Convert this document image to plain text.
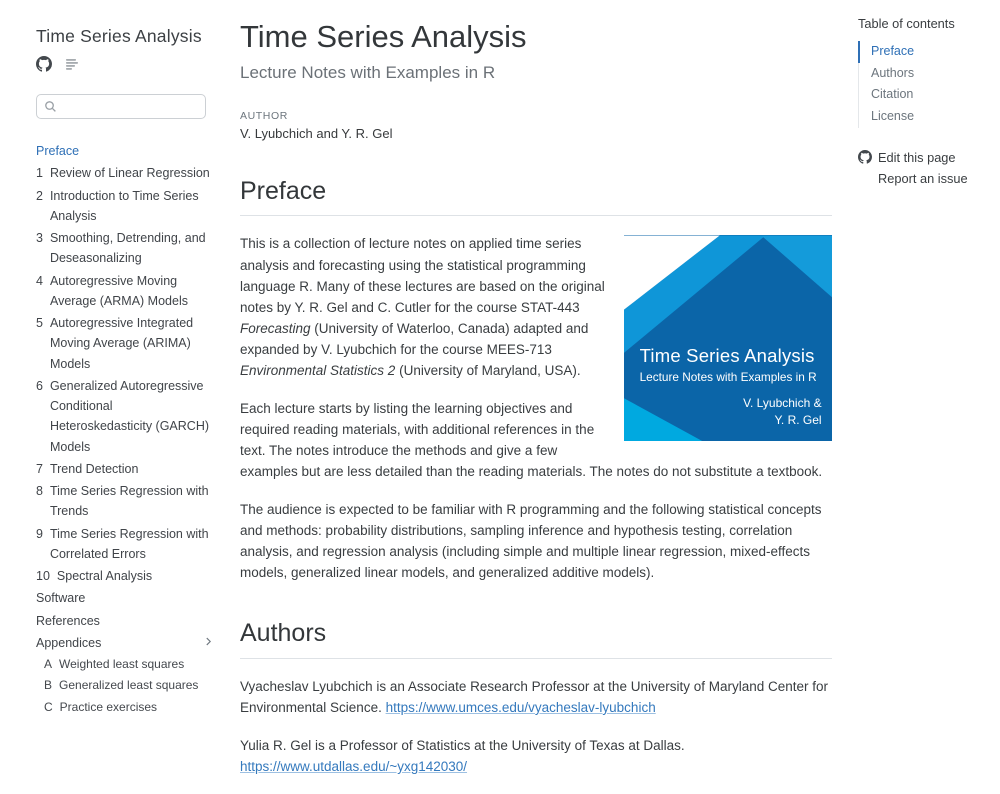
Time Series Analysis
Preface
1 Review of Linear Regression
2 Introduction to Time Series Analysis
3 Smoothing, Detrending, and Deseasonalizing
4 Autoregressive Moving Average (ARMA) Models
5 Autoregressive Integrated Moving Average (ARIMA) Models
6 Generalized Autoregressive Conditional Heteroskedasticity (GARCH) Models
7 Trend Detection
8 Time Series Regression with Trends
9 Time Series Regression with Correlated Errors
10 Spectral Analysis
Software
References
Appendices
A Weighted least squares
B Generalized least squares
C Practice exercises
Time Series Analysis
Lecture Notes with Examples in R
AUTHOR
V. Lyubchich and Y. R. Gel
Preface
Time Series Analysis
Lecture Notes with Examples in R
V. Lyubchich &
Y. R. Gel

This is a collection of lecture notes on applied time series analysis and forecasting using the statistical programming language R. Many of these lectures are based on the original notes by Y. R. Gel and C. Cutler for the course STAT-443 Forecasting (University of Waterloo, Canada) adapted and expanded by V. Lyubchich for the course MEES-713 Environmental Statistics 2 (University of Maryland, USA).

Each lecture starts by listing the learning objectives and required reading materials, with additional references in the text. The notes introduce the methods and give a few examples but are less detailed than the reading materials. The notes do not substitute a textbook.

The audience is expected to be familiar with R programming and the following statistical concepts and methods: probability distributions, sampling inference and hypothesis testing, correlation analysis, and regression analysis (including simple and multiple linear regression, mixed-effects models, generalized linear models, and generalized additive models).

Authors

Vyacheslav Lyubchich is an Associate Research Professor at the University of Maryland Center for Environmental Science. https://www.umces.edu/vyacheslav-lyubchich

Yulia R. Gel is a Professor of Statistics at the University of Texas at Dallas. https://www.utdallas.edu/~yxg142030/

Table of contents
Preface
Authors
Citation
License
Edit this page
Report an issue
